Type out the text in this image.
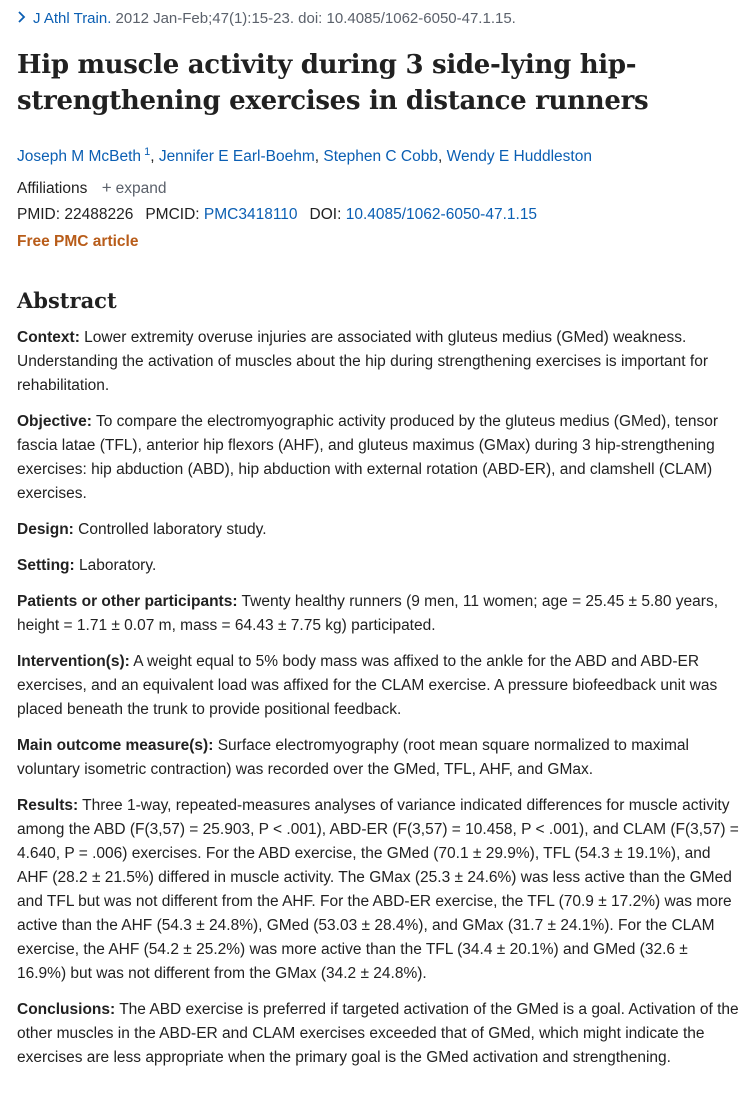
J Athl Train. 2012 Jan-Feb;47(1):15-23. doi: 10.4085/1062-6050-47.1.15.
Hip muscle activity during 3 side-lying hip-strengthening exercises in distance runners
Joseph M McBeth $^1$, Jennifer E Earl-Boehm, Stephen C Cobb, Wendy E Huddleston
Affiliations + expand
PMID: 22488226 PMCID: PMC3418110 DOI: 10.4085/1062-6050-47.1.15
Free PMC article
Abstract

Context: Lower extremity overuse injuries are associated with gluteus medius (GMed) weakness. Understanding the activation of muscles about the hip during strengthening exercises is important for rehabilitation.

Objective: To compare the electromyographic activity produced by the gluteus medius (GMed), tensor fascia latae (TFL), anterior hip flexors (AHF), and gluteus maximus (GMax) during 3 hip-strengthening exercises: hip abduction (ABD), hip abduction with external rotation (ABD-ER), and clamshell (CLAM) exercises.

Design: Controlled laboratory study.

Setting: Laboratory.

Patients or other participants: Twenty healthy runners (9 men, 11 women; age = 25.45 ± 5.80 years, height = 1.71 ± 0.07 m, mass = 64.43 ± 7.75 kg) participated.

Intervention(s): A weight equal to 5% body mass was affixed to the ankle for the ABD and ABD-ER exercises, and an equivalent load was affixed for the CLAM exercise. A pressure biofeedback unit was placed beneath the trunk to provide positional feedback.

Main outcome measure(s): Surface electromyography (root mean square normalized to maximal voluntary isometric contraction) was recorded over the GMed, TFL, AHF, and GMax.

Results: Three 1-way, repeated-measures analyses of variance indicated differences for muscle activity among the ABD (F(3,57) = 25.903, P < .001), ABD-ER (F(3,57) = 10.458, P < .001), and CLAM (F(3,57) = 4.640, P = .006) exercises. For the ABD exercise, the GMed (70.1 ± 29.9%), TFL (54.3 ± 19.1%), and AHF (28.2 ± 21.5%) differed in muscle activity. The GMax (25.3 ± 24.6%) was less active than the GMed and TFL but was not different from the AHF. For the ABD-ER exercise, the TFL (70.9 ± 17.2%) was more active than the AHF (54.3 ± 24.8%), GMed (53.03 ± 28.4%), and GMax (31.7 ± 24.1%). For the CLAM exercise, the AHF (54.2 ± 25.2%) was more active than the TFL (34.4 ± 20.1%) and GMed (32.6 ± 16.9%) but was not different from the GMax (34.2 ± 24.8%).

Conclusions: The ABD exercise is preferred if targeted activation of the GMed is a goal. Activation of the other muscles in the ABD-ER and CLAM exercises exceeded that of GMed, which might indicate the exercises are less appropriate when the primary goal is the GMed activation and strengthening.
